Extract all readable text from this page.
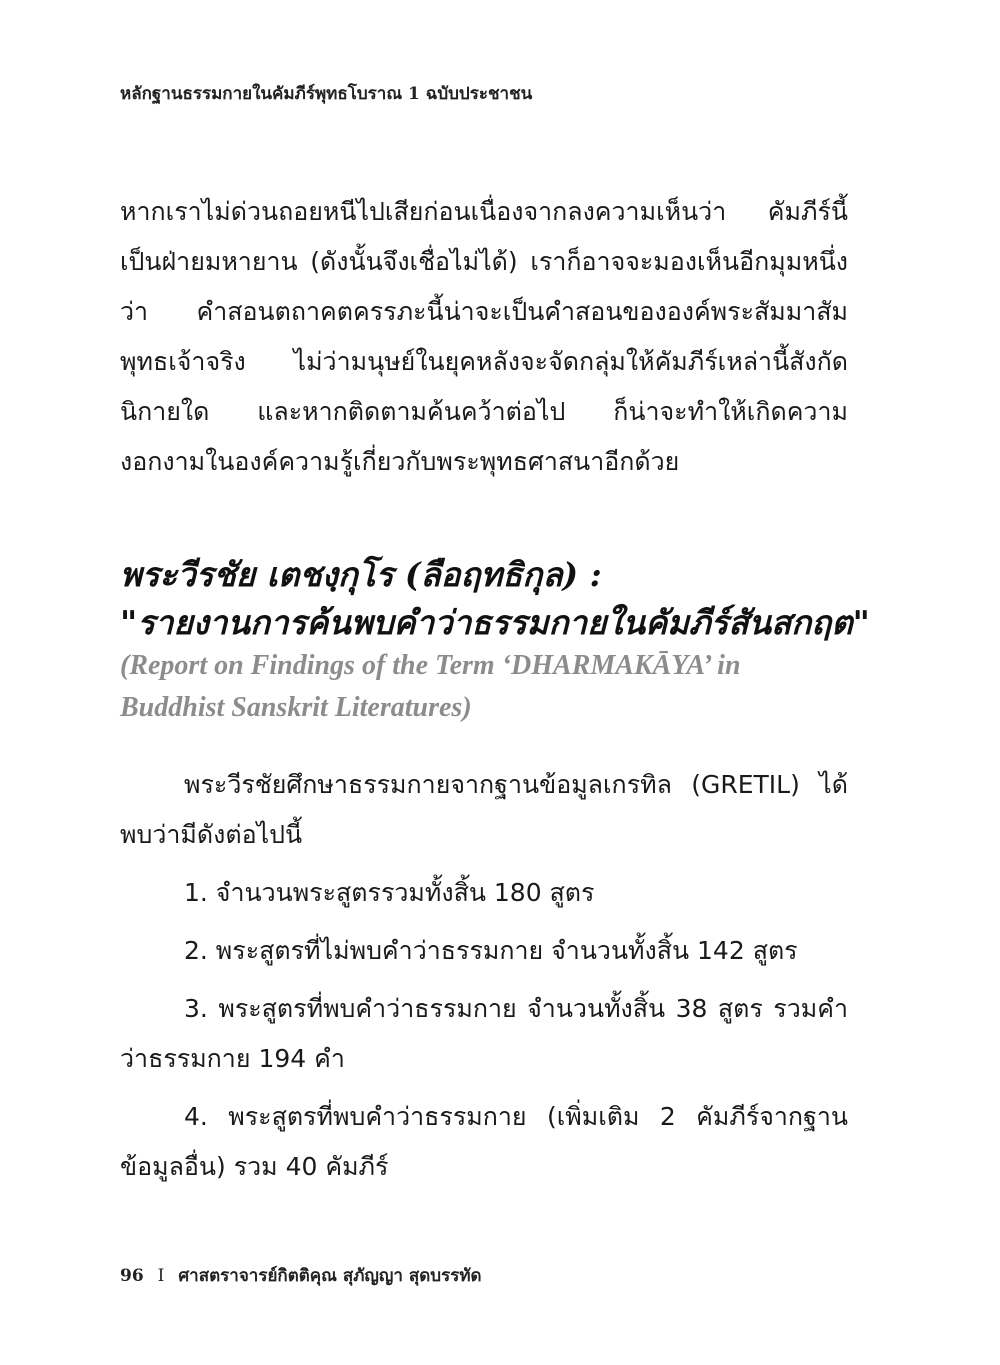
หลักฐานธรรมกายในคัมภีร์พุทธโบราณ 1 ฉบับประชาชน

หากเราไม่ด่วนถอยหนีไปเสียก่อนเนื่องจากลงความเห็นว่า คัมภีร์นี้เป็นฝ่ายมหายาน (ดังนั้นจึงเชื่อไม่ได้) เราก็อาจจะมองเห็นอีกมุมหนึ่งว่า คำสอนตถาคตครรภะนี้น่าจะเป็นคำสอนขององค์พระสัมมาสัมพุทธเจ้าจริง ไม่ว่ามนุษย์ในยุคหลังจะจัดกลุ่มให้คัมภีร์เหล่านี้สังกัดนิกายใด และหากติดตามค้นคว้าต่อไป ก็น่าจะทำให้เกิดความงอกงามในองค์ความรู้เกี่ยวกับพระพุทธศาสนาอีกด้วย

พระวีรชัย เตชงฺกุโร (ลือฤทธิกุล) :
"รายงานการค้นพบคำว่าธรรมกายในคัมภีร์สันสกฤต"
(Report on Findings of the Term ‘DHARMAKĀYA’ in
Buddhist Sanskrit Literatures)

พระวีรชัยศึกษาธรรมกายจากฐานข้อมูลเกรทิล (GRETIL) ได้พบว่ามีดังต่อไปนี้

1. จำนวนพระสูตรรวมทั้งสิ้น 180 สูตร

2. พระสูตรที่ไม่พบคำว่าธรรมกาย จำนวนทั้งสิ้น 142 สูตร

3. พระสูตรที่พบคำว่าธรรมกาย จำนวนทั้งสิ้น 38 สูตร รวมคำว่าธรรมกาย 194 คำ

4. พระสูตรที่พบคำว่าธรรมกาย (เพิ่มเติม 2 คัมภีร์จากฐานข้อมูลอื่น) รวม 40 คัมภีร์

96 I ศาสตราจารย์กิตติคุณ สุภัญญา สุดบรรทัด
